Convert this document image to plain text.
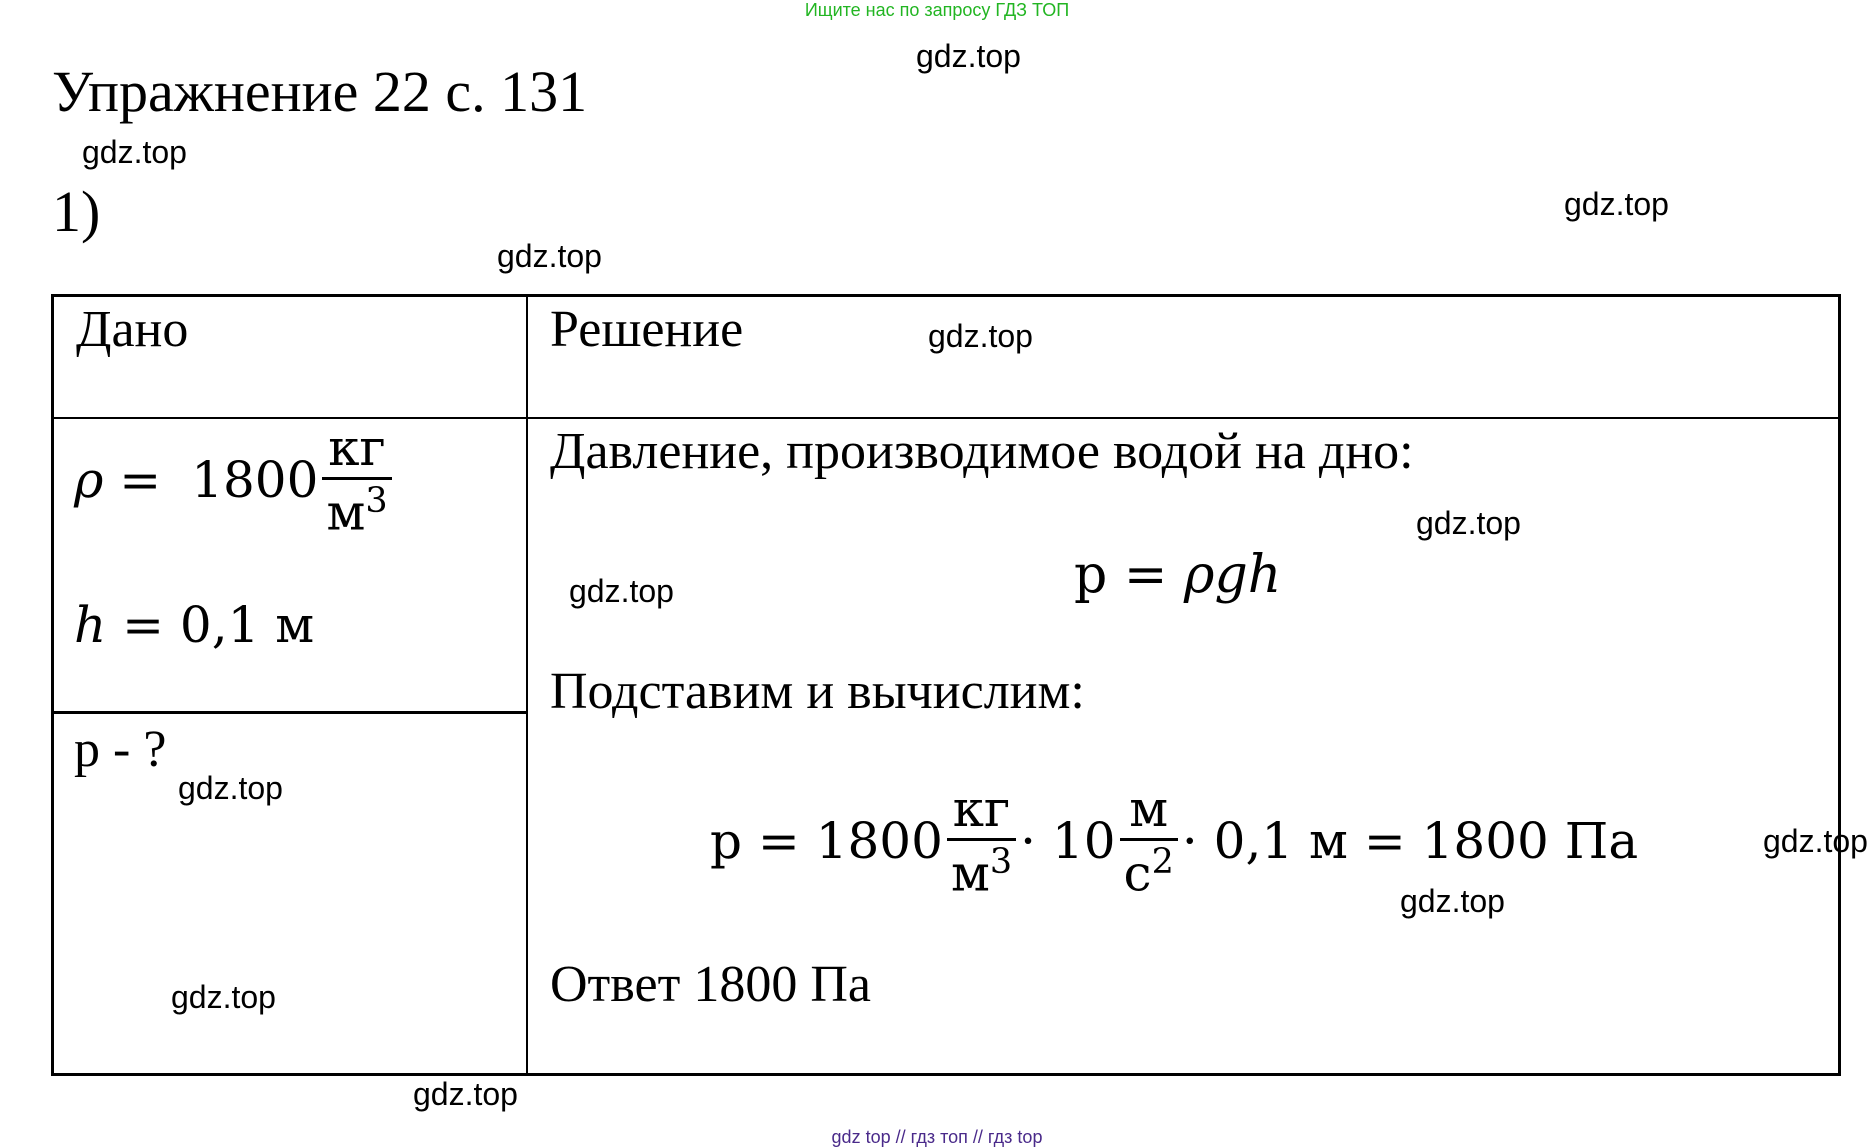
Ищите нас по запросу ГДЗ ТОП
Упражнение 22 с. 131
1)
Дано	Решение
$\rho = 1800 \frac{кг}{м^3}$
h = 0,1 м
p - ?
Давление, производимое водой на дно:
p = ρgh
Подставим и вычислим:
$p = 1800 \frac{кг}{м^3} \cdot 10 \frac{м}{с^2} \cdot 0,1$ м = 1800 Па
Ответ 1800 Па
gdz.top
gdz.top
gdz.top
gdz.top
gdz.top
gdz.top
gdz.top
gdz.top
gdz.top
gdz.top
gdz.top
gdz.top
gdz top // гдз топ // гдз top
